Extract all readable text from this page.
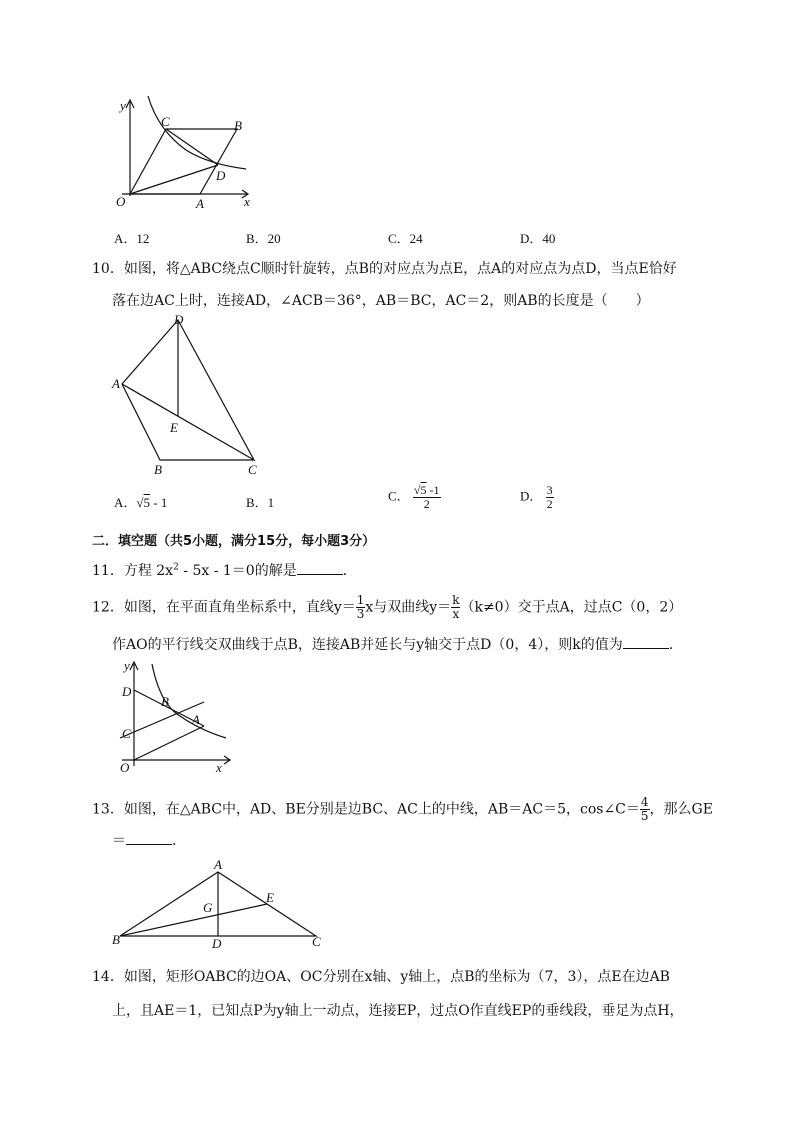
y
x
O	A
B
C
D
A．12	B．20	C．24	D．40
10．如图，将△ABC绕点C顺时针旋转，点B的对应点为点E，点A的对应点为点D，当点E恰好
落在边AC上时，连接AD，∠ACB＝36°，AB＝BC，AC＝2，则AB的长度是（　　）
D
A
E
B	C
A．√5 - 1	B．1	C． $\frac{√5 -1}{2}$	D． $\frac{3}{2}$
二．填空题（共5小题，满分15分，每小题3分）
11．方程 $2x^2 - 5x - 1=0$的解是	．
12．如图，在平面直角坐标系中，直线$y= \frac{1}{3}$ x与双曲线$y= \frac{k}{x} (k\ne 0)$交于点A，过点C（0，2）
作AO的平行线交双曲线于点B，连接AB并延长与y轴交于点D（0，4），则k的值为	．
y
x
O
D
C
B
A
13．如图，在△ABC中，AD、BE分别是边BC、AC上的中线，AB＝AC＝5，cos∠C＝ $\frac{4}{5}$ ，那么GE
＝	．
A
B	C
D
E
G
14．如图，矩形OABC的边OA、OC分别在x轴、y轴上，点B的坐标为（7，3），点E在边AB
上，且AE＝1，已知点P为y轴上一动点，连接EP，过点O作直线EP的垂线段，垂足为点H，
